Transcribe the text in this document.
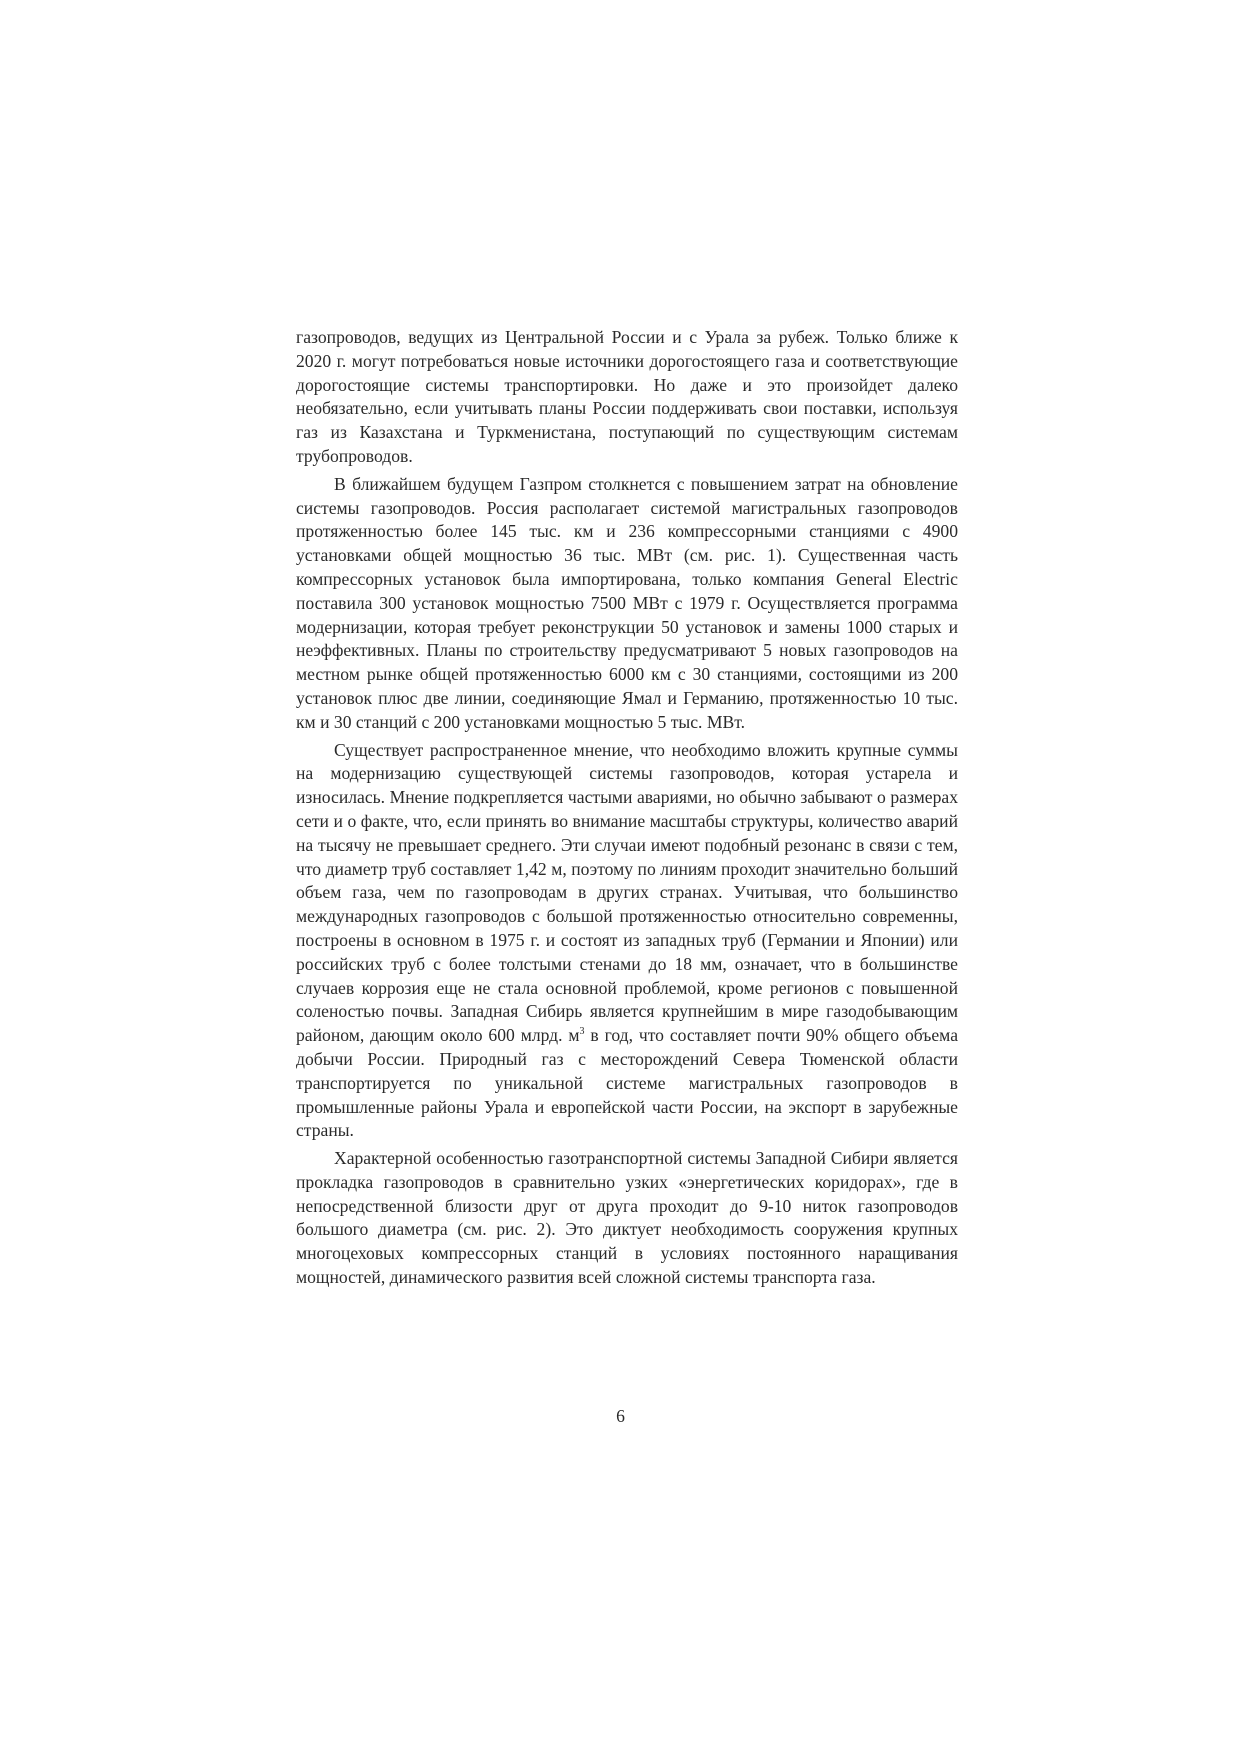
газопроводов, ведущих из Центральной России и с Урала за рубеж. Только ближе к 2020 г. могут потребоваться новые источники дорогостоящего газа и соответствующие дорогостоящие системы транспортировки. Но даже и это произойдет далеко необязательно, если учитывать планы России поддерживать свои поставки, используя газ из Казахстана и Туркменистана, поступающий по существующим системам трубопроводов.

В ближайшем будущем Газпром столкнется с повышением затрат на обновление системы газопроводов. Россия располагает системой магистральных газопроводов протяженностью более 145 тыс. км и 236 компрессорными станциями с 4900 установками общей мощностью 36 тыс. МВт (см. рис. 1). Существенная часть компрессорных установок была импортирована, только компания General Electric поставила 300 установок мощностью 7500 МВт с 1979 г. Осуществляется программа модернизации, которая требует реконструкции 50 установок и замены 1000 старых и неэффективных. Планы по строительству предусматривают 5 новых газопроводов на местном рынке общей протяженностью 6000 км с 30 станциями, состоящими из 200 установок плюс две линии, соединяющие Ямал и Германию, протяженностью 10 тыс. км и 30 станций с 200 установками мощностью 5 тыс. МВт.

Существует распространенное мнение, что необходимо вложить крупные суммы на модернизацию существующей системы газопроводов, которая устарела и износилась. Мнение подкрепляется частыми авариями, но обычно забывают о размерах сети и о факте, что, если принять во внимание масштабы структуры, количество аварий на тысячу не превышает среднего. Эти случаи имеют подобный резонанс в связи с тем, что диаметр труб составляет 1,42 м, поэтому по линиям проходит значительно больший объем газа, чем по газопроводам в других странах. Учитывая, что большинство международных газопроводов с большой протяженностью относительно современны, построены в основном в 1975 г. и состоят из западных труб (Германии и Японии) или российских труб с более толстыми стенами до 18 мм, означает, что в большинстве случаев коррозия еще не стала основной проблемой, кроме регионов с повышенной соленостью почвы. Западная Сибирь является крупнейшим в мире газодобывающим районом, дающим около 600 млрд. $м^3$ в год, что составляет почти 90% общего объема добычи России. Природный газ с месторождений Севера Тюменской области транспортируется по уникальной системе магистральных газопроводов в промышленные районы Урала и европейской части России, на экспорт в зарубежные страны.

Характерной особенностью газотранспортной системы Западной Сибири является прокладка газопроводов в сравнительно узких «энергетических коридорах», где в непосредственной близости друг от друга проходит до 9-10 ниток газопроводов большого диаметра (см. рис. 2). Это диктует необходимость сооружения крупных многоцеховых компрессорных станций в условиях постоянного наращивания мощностей, динамического развития всей сложной системы транспорта газа.

6
